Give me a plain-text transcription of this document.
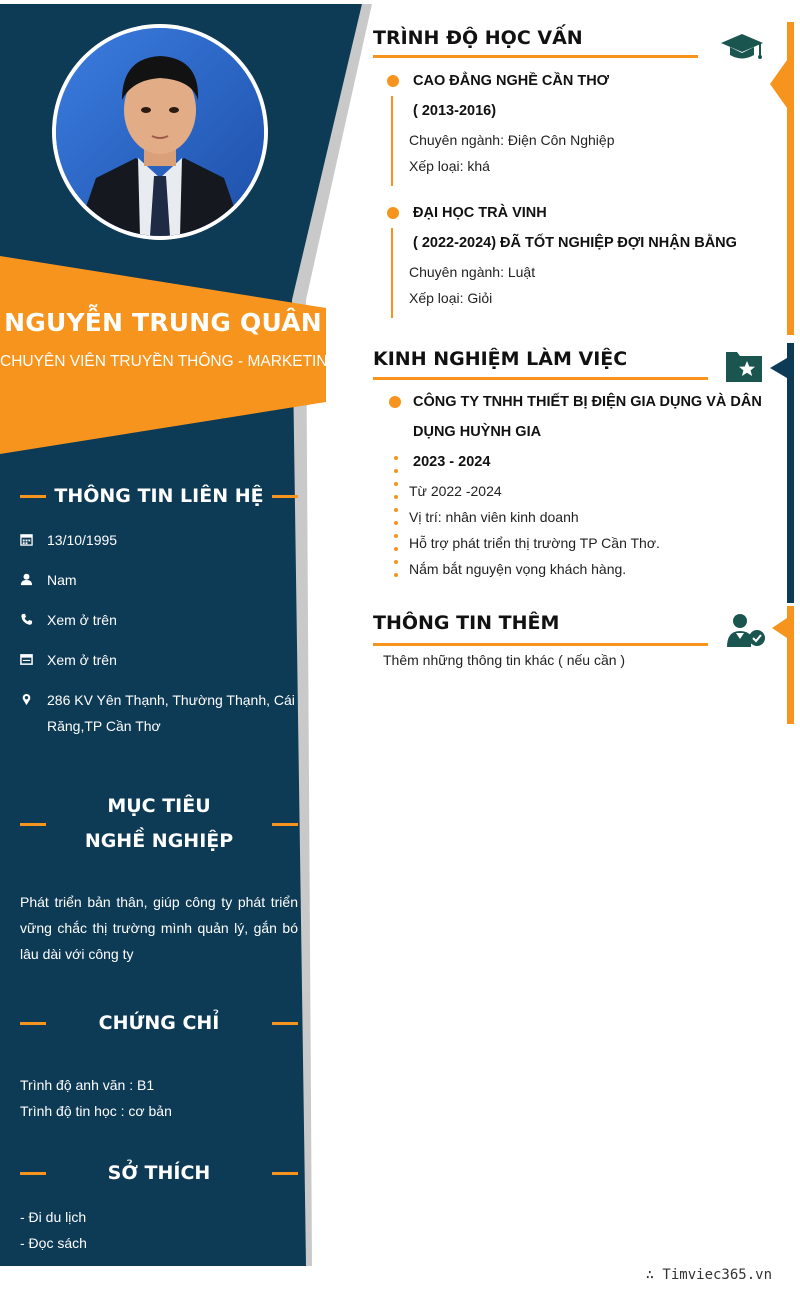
NGUYỄN TRUNG QUÂN
CHUYÊN VIÊN TRUYỀN THÔNG - MARKETING
THÔNG TIN LIÊN HỆ
13/10/1995
Nam
Xem ở trên
Xem ở trên
286 KV Yên Thạnh, Thường Thạnh, Cái Răng,TP Cần Thơ
MỤC TIÊU NGHỀ NGHIỆP
Phát triển bản thân, giúp công ty phát triển vững chắc thị trường mình quản lý, gắn bó lâu dài với công ty
CHỨNG CHỈ
Trình độ anh văn : B1
Trình độ tin học : cơ bản
SỞ THÍCH
- Đi du lịch
- Đọc sách
TRÌNH ĐỘ HỌC VẤN
CAO ĐẲNG NGHỀ CẦN THƠ
( 2013-2016)
Chuyên ngành: Điện Côn Nghiệp
Xếp loại: khá
ĐẠI HỌC TRÀ VINH
( 2022-2024) ĐÃ TỐT NGHIỆP ĐỢI NHẬN BẰNG
Chuyên ngành: Luật
Xếp loại: Giỏi
KINH NGHIỆM LÀM VIỆC
CÔNG TY TNHH THIẾT BỊ ĐIỆN GIA DỤNG VÀ DÂN
DỤNG HUỲNH GIA
2023 - 2024
Từ 2022 -2024
Vị trí: nhân viên kinh doanh
Hỗ trợ phát triển thị trường TP Cần Thơ.
Nắm bắt nguyện vọng khách hàng.
THÔNG TIN THÊM
Thêm những thông tin khác ( nếu cần )
∴ Timviec365.vn
